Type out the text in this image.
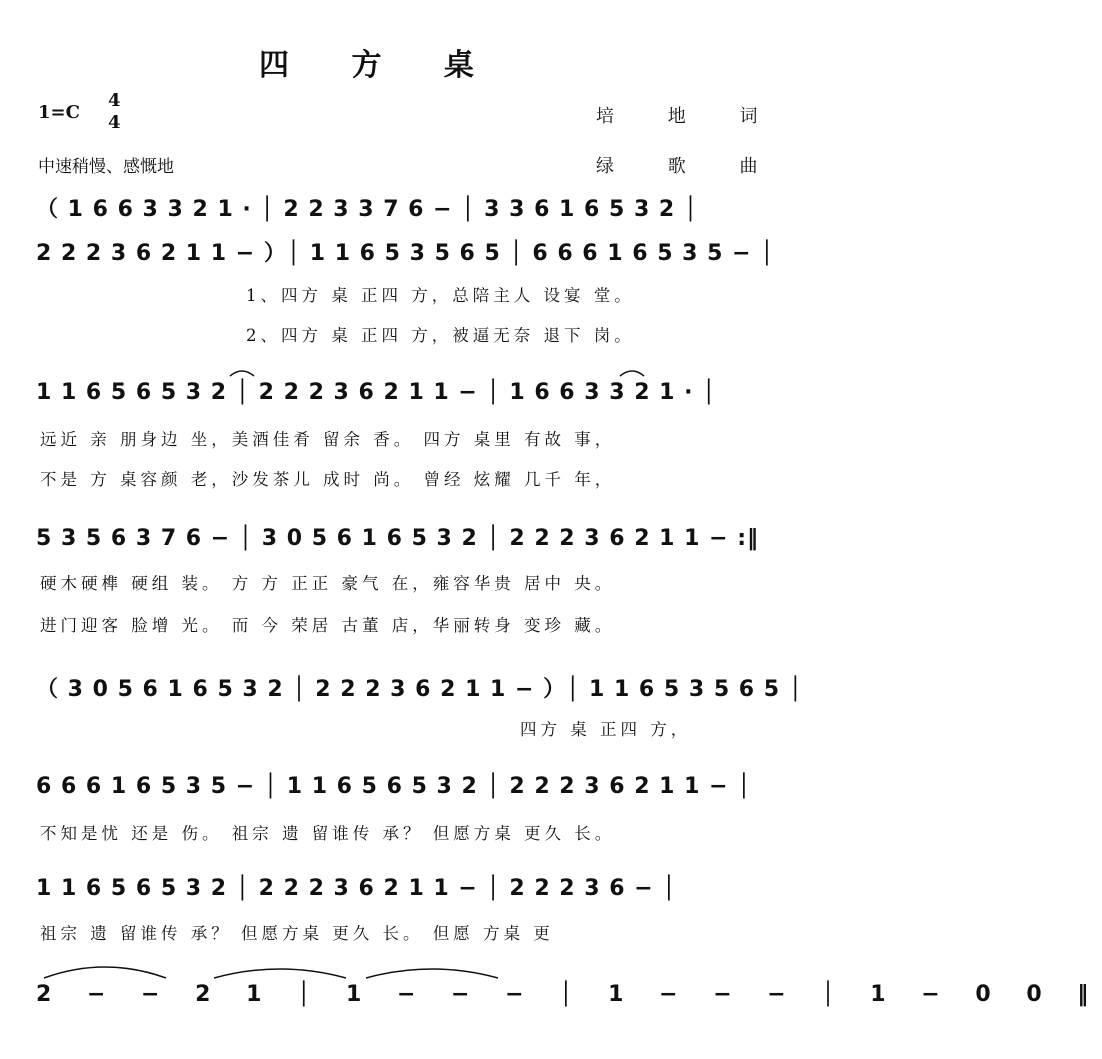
四 方 桌
1=C
4
4
中速稍慢、感慨地
培 地 词
绿 歌 曲
（ 1 6 6 3 3 2 1 · │ 2 2 3 3 7 6 − │ 3 3 6 1 6 5 3 2 │
2 2 2 3 6 2 1 1 − ）│ 1 1 6 5 3 5 6 5 │ 6 6 6 1 6 5 3 5 − │
1、四方 桌 正四 方，总陪主人 设宴 堂。
2、四方 桌 正四 方，被逼无奈 退下 岗。
1 1 6 5 6 5 3 2 │ 2 2 2 3 6 2 1 1 − │ 1 6 6 3 3 2 1 · │
远近 亲 朋身边 坐，美酒佳肴 留余 香。 四方 桌里 有故 事，
不是 方 桌容颜 老，沙发茶儿 成时 尚。 曾经 炫耀 几千 年，
5 3 5 6 3 7 6 − │ 3 0 5 6 1 6 5 3 2 │ 2 2 2 3 6 2 1 1 − :‖
硬木硬榫 硬组 装。 方 方 正正 豪气 在，雍容华贵 居中 央。
进门迎客 脸增 光。 而 今 荣居 古董 店，华丽转身 变珍 藏。
（ 3 0 5 6 1 6 5 3 2 │ 2 2 2 3 6 2 1 1 − ）│ 1 1 6 5 3 5 6 5 │
四方 桌 正四 方，
6 6 6 1 6 5 3 5 − │ 1 1 6 5 6 5 3 2 │ 2 2 2 3 6 2 1 1 − │
不知是忧 还是 伤。 祖宗 遗 留谁传 承？ 但愿方桌 更久 长。
1 1 6 5 6 5 3 2 │ 2 2 2 3 6 2 1 1 − │ 2 2 2 3 6 − │
祖宗 遗 留谁传 承？ 但愿方桌 更久 长。 但愿 方桌 更
2 − − 2 1 │ 1 − − − │ 1 − − − │ 1 − 0 0 ‖
